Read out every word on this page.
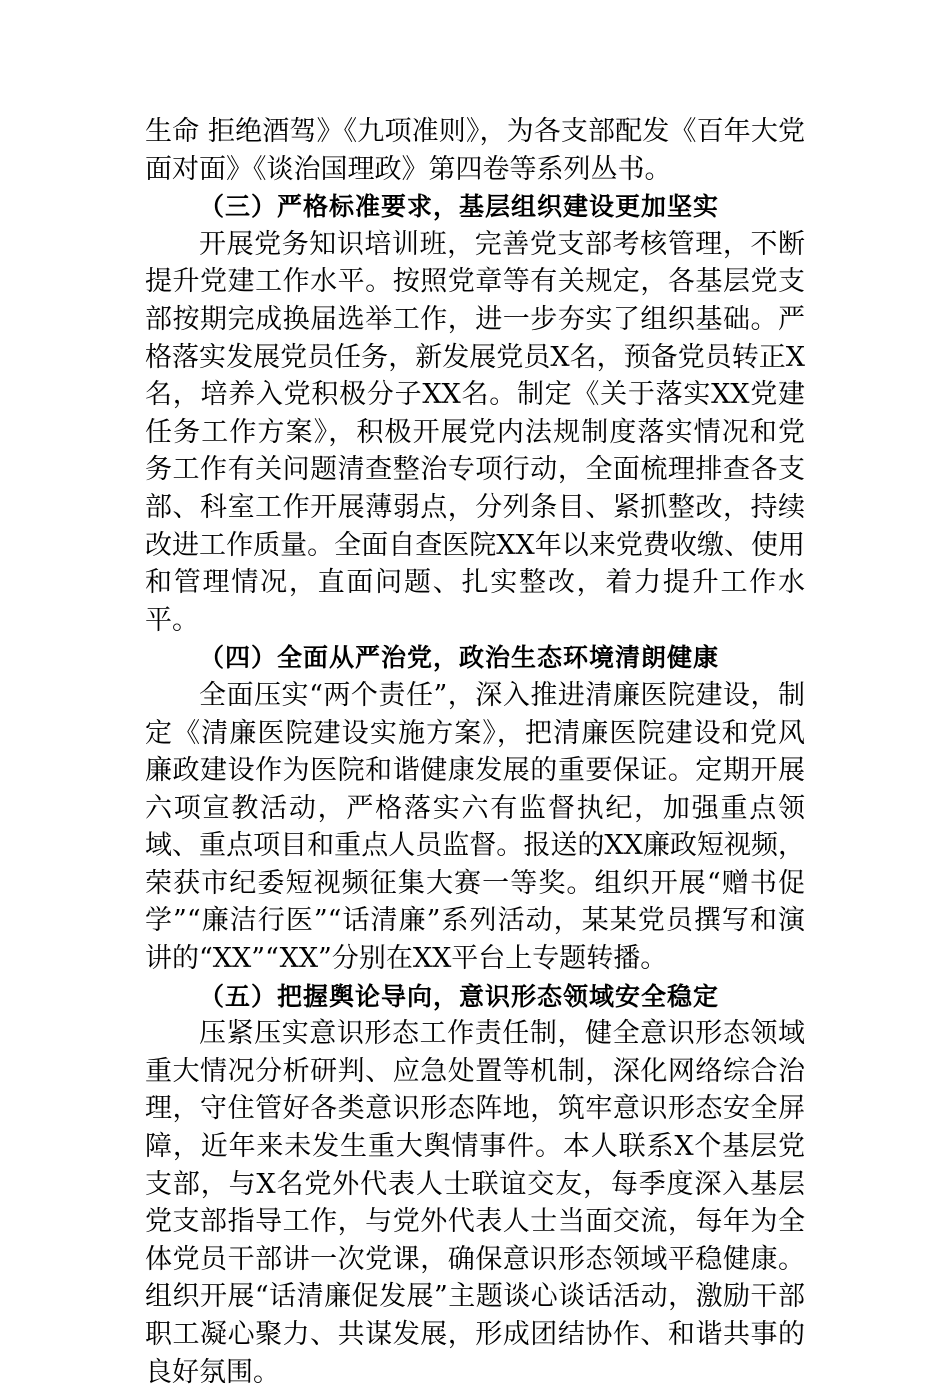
生命 拒绝酒驾》《九项准则》，为各支部配发《百年大党面对面》《谈治国理政》第四卷等系列丛书。

（三）严格标准要求，基层组织建设更加坚实

开展党务知识培训班，完善党支部考核管理，不断提升党建工作水平。按照党章等有关规定，各基层党支部按期完成换届选举工作，进一步夯实了组织基础。严格落实发展党员任务，新发展党员X名，预备党员转正X名，培养入党积极分子XX名。制定《关于落实XX党建任务工作方案》，积极开展党内法规制度落实情况和党务工作有关问题清查整治专项行动，全面梳理排查各支部、科室工作开展薄弱点，分列条目、紧抓整改，持续改进工作质量。全面自查医院XX年以来党费收缴、使用和管理情况，直面问题、扎实整改，着力提升工作水平。

（四）全面从严治党，政治生态环境清朗健康

全面压实“两个责任”，深入推进清廉医院建设，制定《清廉医院建设实施方案》，把清廉医院建设和党风廉政建设作为医院和谐健康发展的重要保证。定期开展六项宣教活动，严格落实六有监督执纪，加强重点领域、重点项目和重点人员监督。报送的XX廉政短视频，荣获市纪委短视频征集大赛一等奖。组织开展“赠书促学”“廉洁行医”“话清廉”系列活动，某某党员撰写和演讲的“XX”“XX”分别在XX平台上专题转播。

（五）把握舆论导向，意识形态领域安全稳定

压紧压实意识形态工作责任制，健全意识形态领域重大情况分析研判、应急处置等机制，深化网络综合治理，守住管好各类意识形态阵地，筑牢意识形态安全屏障，近年来未发生重大舆情事件。本人联系X个基层党支部，与X名党外代表人士联谊交友，每季度深入基层党支部指导工作，与党外代表人士当面交流，每年为全体党员干部讲一次党课，确保意识形态领域平稳健康。组织开展“话清廉促发展”主题谈心谈话活动，激励干部职工凝心聚力、共谋发展，形成团结协作、和谐共事的良好氛围。
